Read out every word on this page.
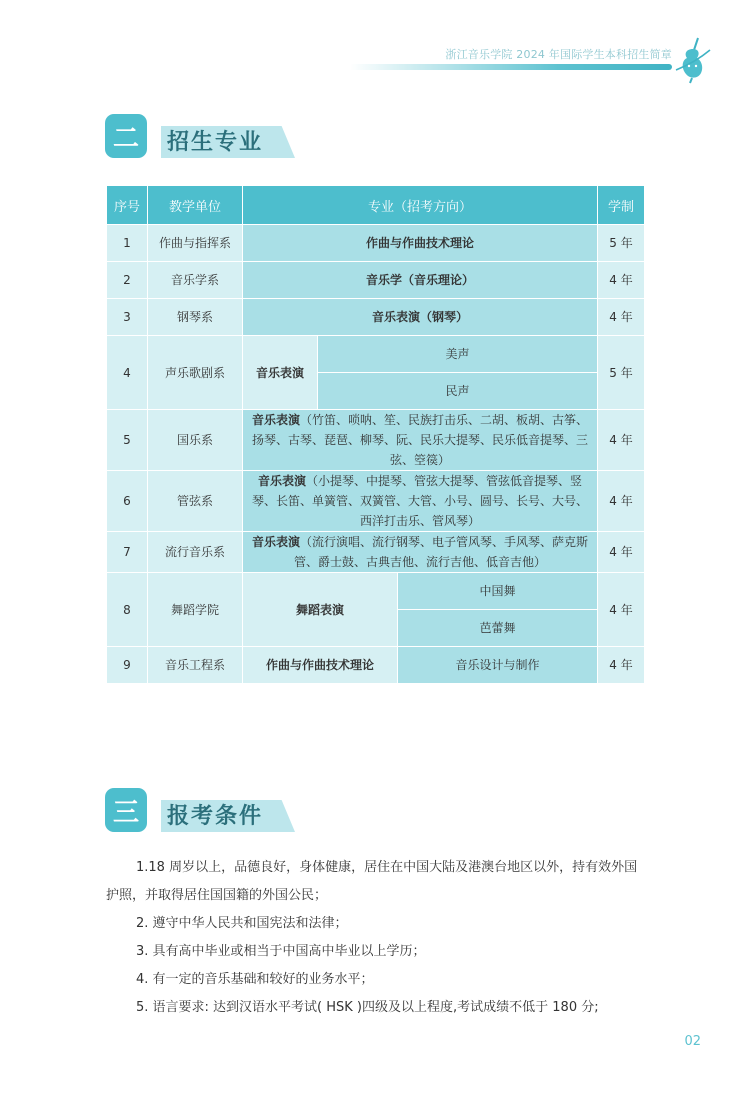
浙江音乐学院 2024 年国际学生本科招生简章
二	招生专业
序号	教学单位	专业（招考方向）			学制
1	作曲与指挥系	作曲与作曲技术理论			5 年
2	音乐学系	音乐学（音乐理论）			4 年
3	钢琴系	音乐表演（钢琴）			4 年
4	声乐歌剧系	音乐表演	美声		5 年
			民声		
5	国乐系	音乐表演（竹笛、唢呐、笙、民族打击乐、二胡、板胡、古筝、扬琴、古琴、琵琶、柳琴、阮、民乐大提琴、民乐低音提琴、三弦、箜篌）			4 年
6	管弦系	音乐表演（小提琴、中提琴、管弦大提琴、管弦低音提琴、竖琴、长笛、单簧管、双簧管、大管、小号、圆号、长号、大号、西洋打击乐、管风琴）			4 年
7	流行音乐系	音乐表演（流行演唱、流行钢琴、电子管风琴、手风琴、萨克斯管、爵士鼓、古典吉他、流行吉他、低音吉他）			4 年
8	舞蹈学院	舞蹈表演		中国舞	4 年
				芭蕾舞	
9	音乐工程系	作曲与作曲技术理论		音乐设计与制作	4 年
三	报考条件

1.18 周岁以上，品德良好，身体健康，居住在中国大陆及港澳台地区以外，持有效外国护照，并取得居住国国籍的外国公民；

2. 遵守中华人民共和国宪法和法律；

3. 具有高中毕业或相当于中国高中毕业以上学历；

4. 有一定的音乐基础和较好的业务水平；

5. 语言要求: 达到汉语水平考试( HSK )四级及以上程度,考试成绩不低于 180 分;

02
